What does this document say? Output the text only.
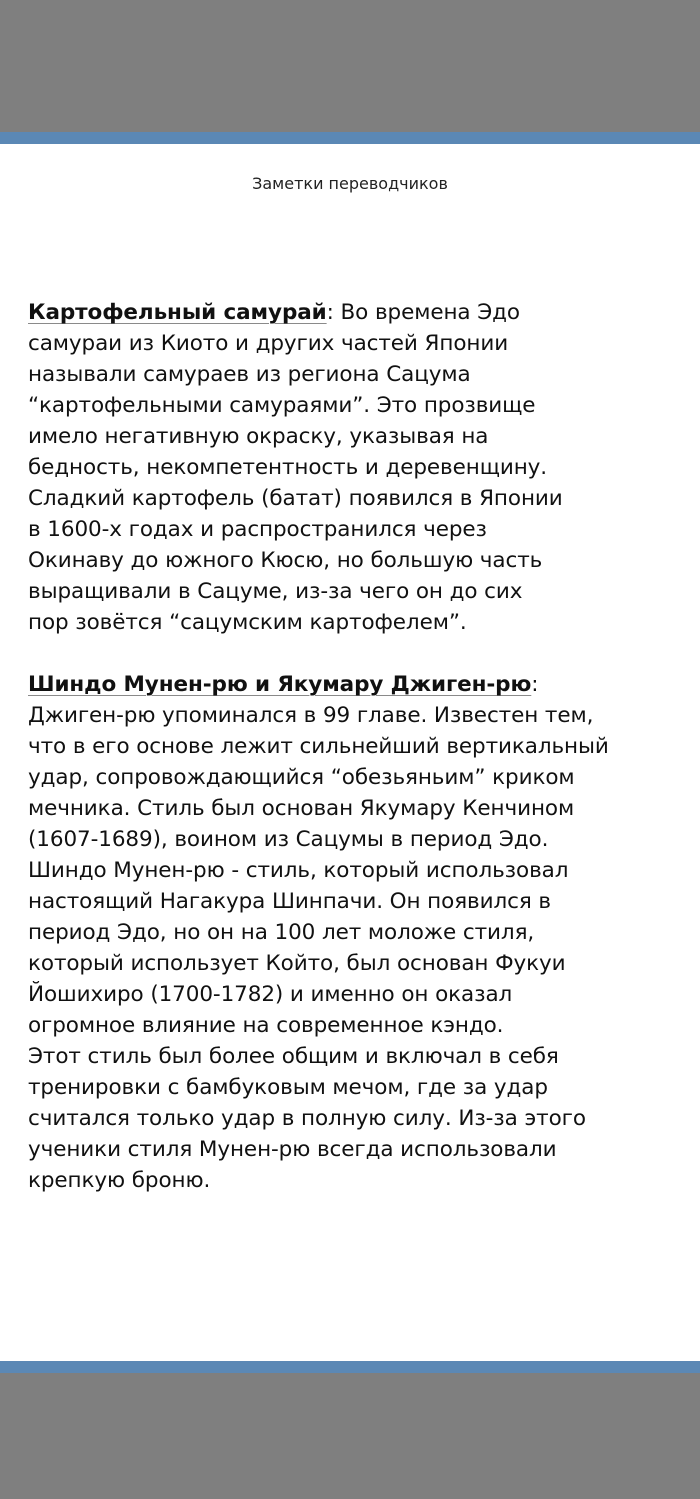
Заметки переводчиков

Картофельный самурай: Во времена Эдо
самураи из Киото и других частей Японии
называли самураев из региона Сацума
“картофельными самураями”. Это прозвище
имело негативную окраску, указывая на
бедность, некомпетентность и деревенщину.
Сладкий картофель (батат) появился в Японии
в 1600-х годах и распространился через
Окинаву до южного Кюсю, но большую часть
выращивали в Сацуме, из-за чего он до сих
пор зовётся “сацумским картофелем”.

Шиндо Мунен-рю и Якумару Джиген-рю:
Джиген-рю упоминался в 99 главе. Известен тем,
что в его основе лежит сильнейший вертикальный
удар, сопровождающийся “обезьяньим” криком
мечника. Стиль был основан Якумару Кенчином
(1607-1689), воином из Сацумы в период Эдо.
Шиндо Мунен-рю - стиль, который использовал
настоящий Нагакура Шинпачи. Он появился в
период Эдо, но он на 100 лет моложе стиля,
который использует Който, был основан Фукуи
Йошихиро (1700-1782) и именно он оказал
огромное влияние на современное кэндо.
Этот стиль был более общим и включал в себя
тренировки с бамбуковым мечом, где за удар
считался только удар в полную силу. Из-за этого
ученики стиля Мунен-рю всегда использовали
крепкую броню.
